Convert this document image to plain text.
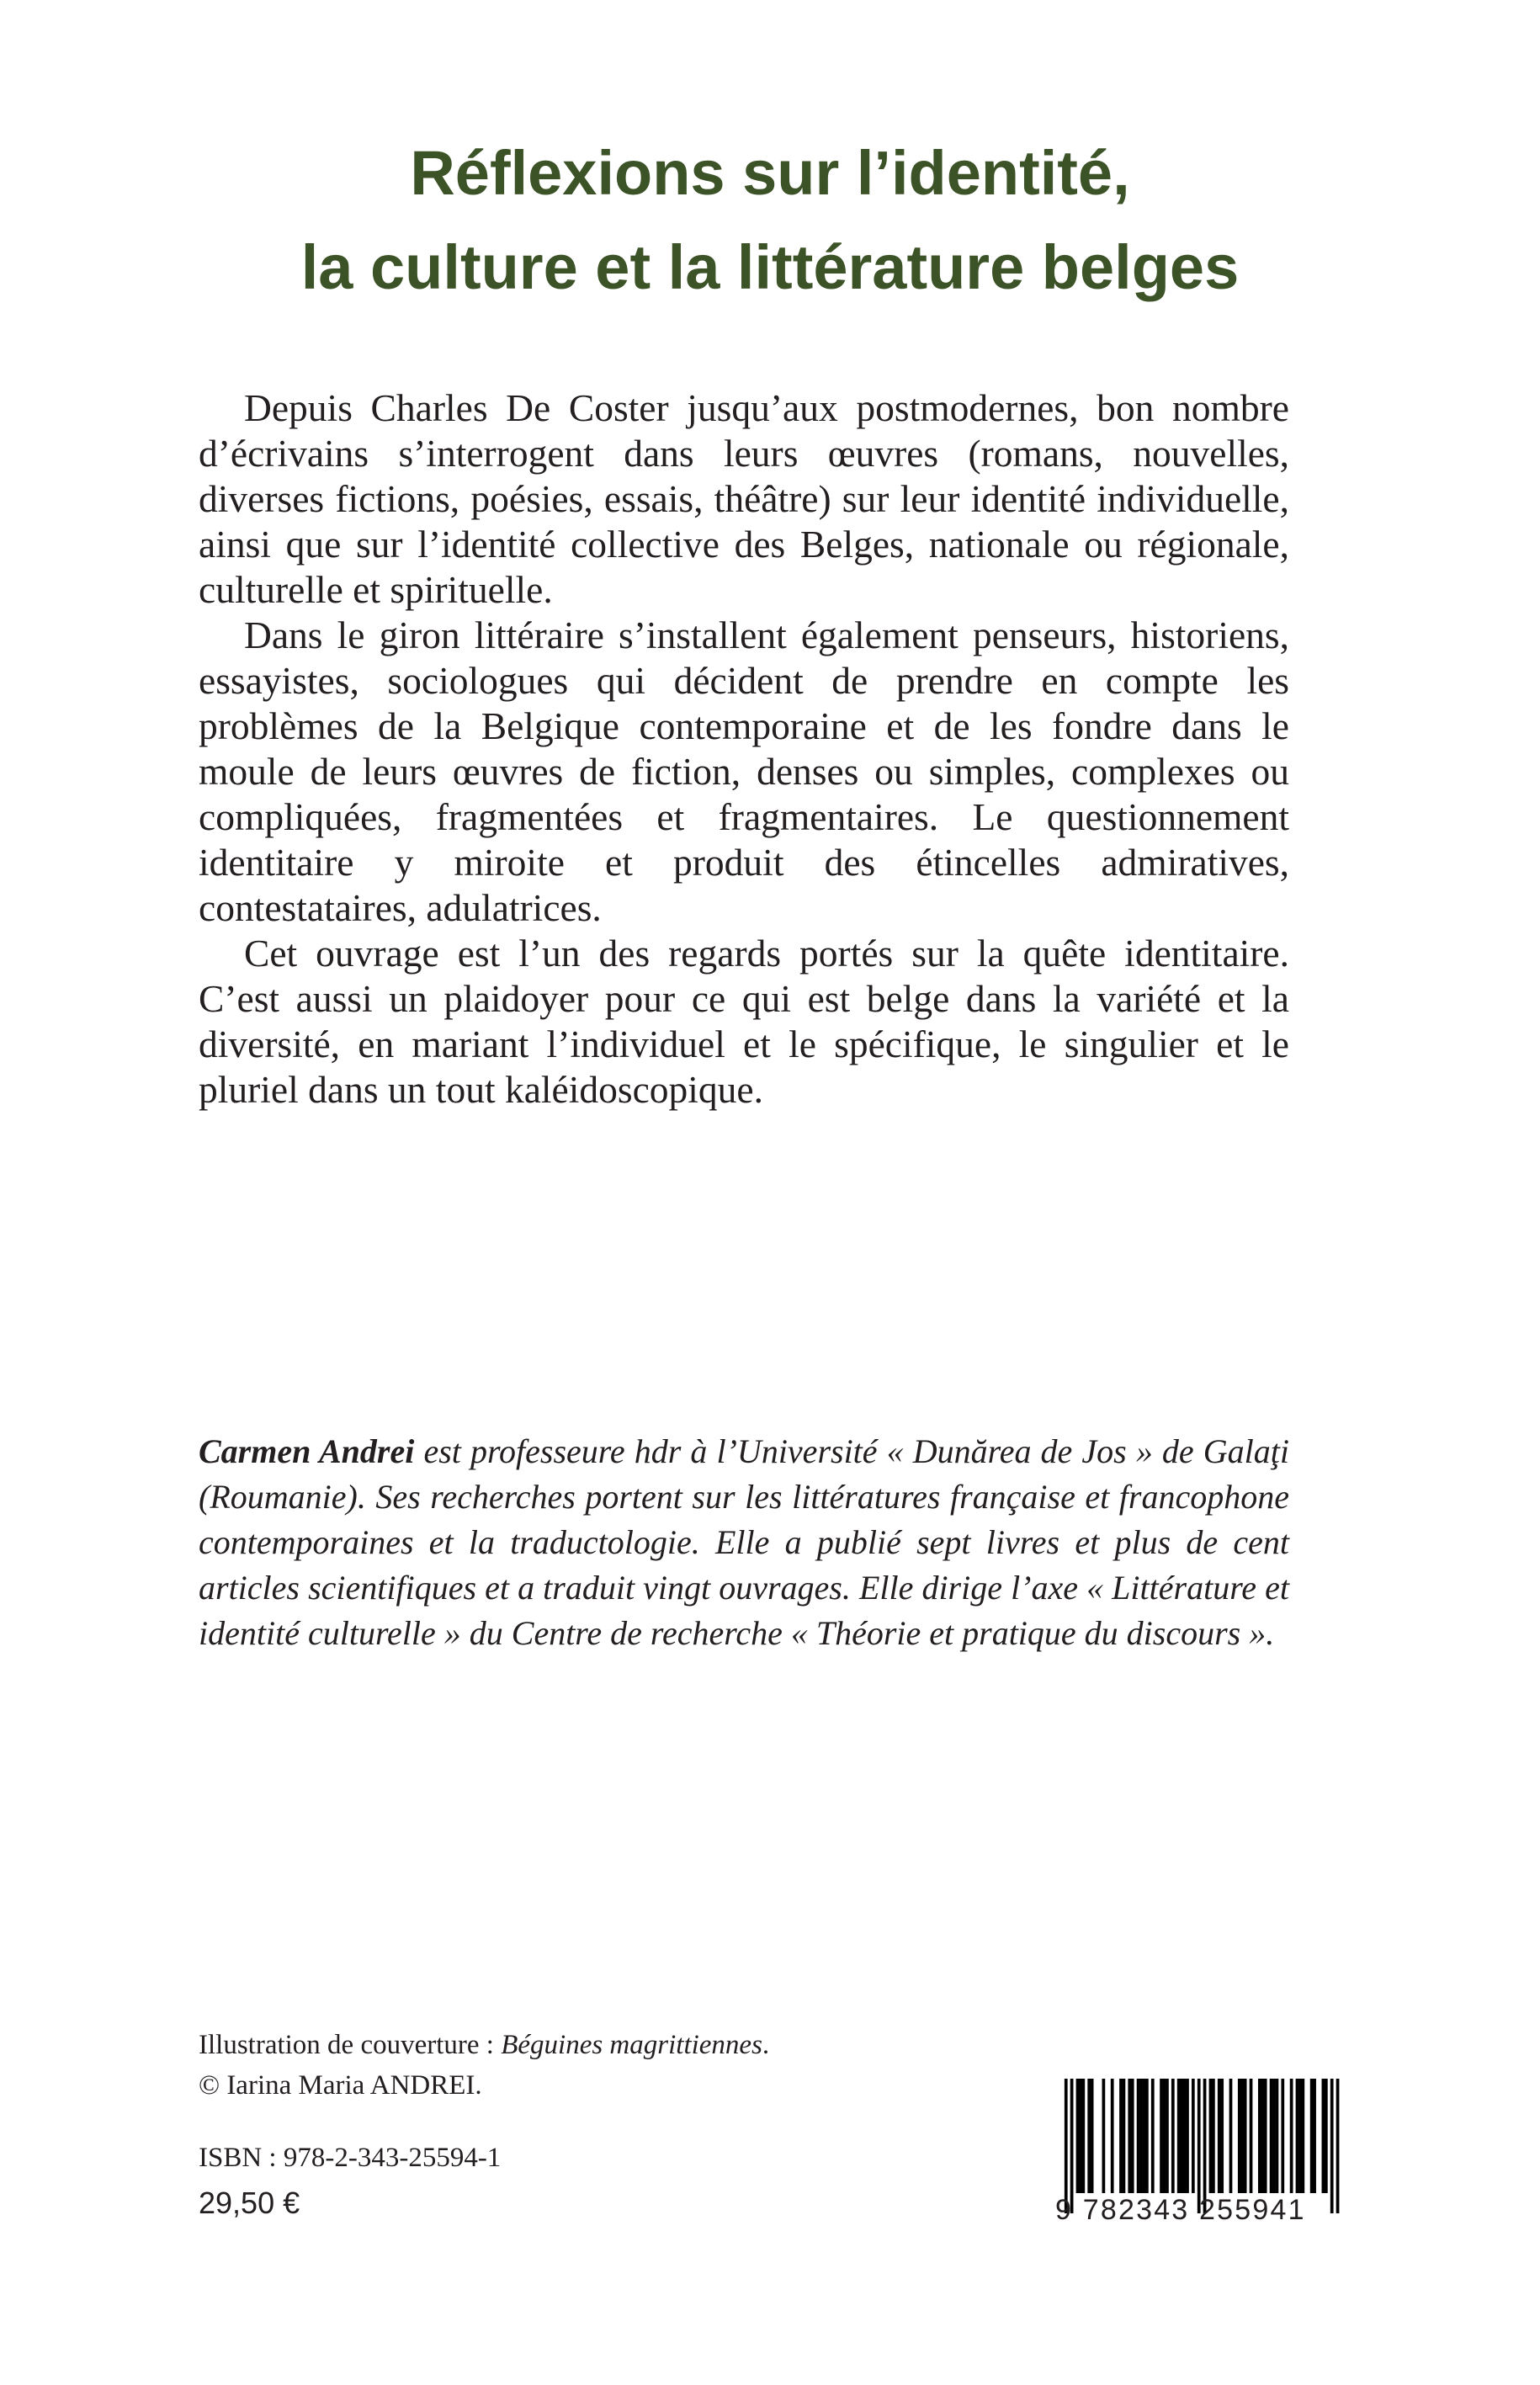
Réflexions sur l’identité,
la culture et la littérature belges

Depuis Charles De Coster jusqu’aux postmodernes, bon nombre d’écrivains s’interrogent dans leurs œuvres (romans, nouvelles, diverses fictions, poésies, essais, théâtre) sur leur identité individuelle, ainsi que sur l’identité collective des Belges, nationale ou régionale, culturelle et spirituelle.

Dans le giron littéraire s’installent également penseurs, historiens, essayistes, sociologues qui décident de prendre en compte les problèmes de la Belgique contemporaine et de les fondre dans le moule de leurs œuvres de fiction, denses ou simples, complexes ou compliquées, fragmentées et fragmentaires. Le questionnement identitaire y miroite et produit des étincelles admiratives, contestataires, adulatrices.

Cet ouvrage est l’un des regards portés sur la quête identitaire. C’est aussi un plaidoyer pour ce qui est belge dans la variété et la diversité, en mariant l’individuel et le spécifique, le singulier et le pluriel dans un tout kaléidoscopique.

Carmen Andrei est professeure hdr à l’Université « Dunărea de Jos » de Galaţi (Roumanie). Ses recherches portent sur les littératures française et francophone contemporaines et la traductologie. Elle a publié sept livres et plus de cent articles scientifiques et a traduit vingt ouvrages. Elle dirige l’axe « Littérature et identité culturelle » du Centre de recherche « Théorie et pratique du discours ».

Illustration de couverture : Béguines magrittiennes.
© Iarina Maria ANDREI.
ISBN : 978-2-343-25594-1
29,50 €	9 782343 255941
